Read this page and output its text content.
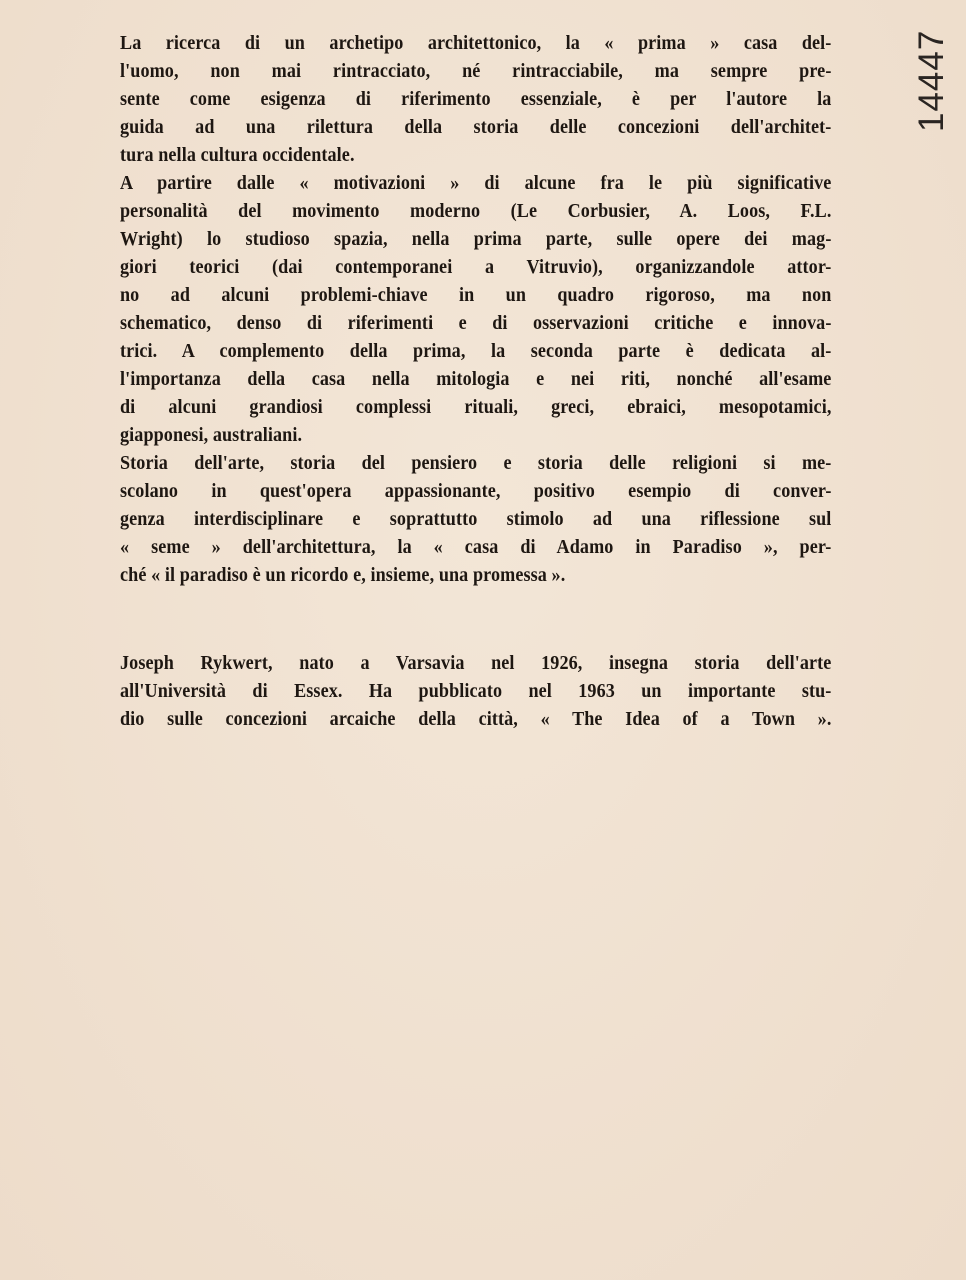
14447
La ricerca di un archetipo architettonico, la « prima » casa del-
l'uomo, non mai rintracciato, né rintracciabile, ma sempre pre-
sente come esigenza di riferimento essenziale, è per l'autore la
guida ad una rilettura della storia delle concezioni dell'architet-
tura nella cultura occidentale.
A partire dalle « motivazioni » di alcune fra le più significative
personalità del movimento moderno (Le Corbusier, A. Loos, F.L.
Wright) lo studioso spazia, nella prima parte, sulle opere dei mag-
giori teorici (dai contemporanei a Vitruvio), organizzandole attor-
no ad alcuni problemi-chiave in un quadro rigoroso, ma non
schematico, denso di riferimenti e di osservazioni critiche e innova-
trici. A complemento della prima, la seconda parte è dedicata al-
l'importanza della casa nella mitologia e nei riti, nonché all'esame
di alcuni grandiosi complessi rituali, greci, ebraici, mesopotamici,
giapponesi, australiani.
Storia dell'arte, storia del pensiero e storia delle religioni si me-
scolano in quest'opera appassionante, positivo esempio di conver-
genza interdisciplinare e soprattutto stimolo ad una riflessione sul
« seme » dell'architettura, la « casa di Adamo in Paradiso », per-
ché « il paradiso è un ricordo e, insieme, una promessa ».
Joseph Rykwert, nato a Varsavia nel 1926, insegna storia dell'arte
all'Università di Essex. Ha pubblicato nel 1963 un importante stu-
dio sulle concezioni arcaiche della città, « The Idea of a Town ».
